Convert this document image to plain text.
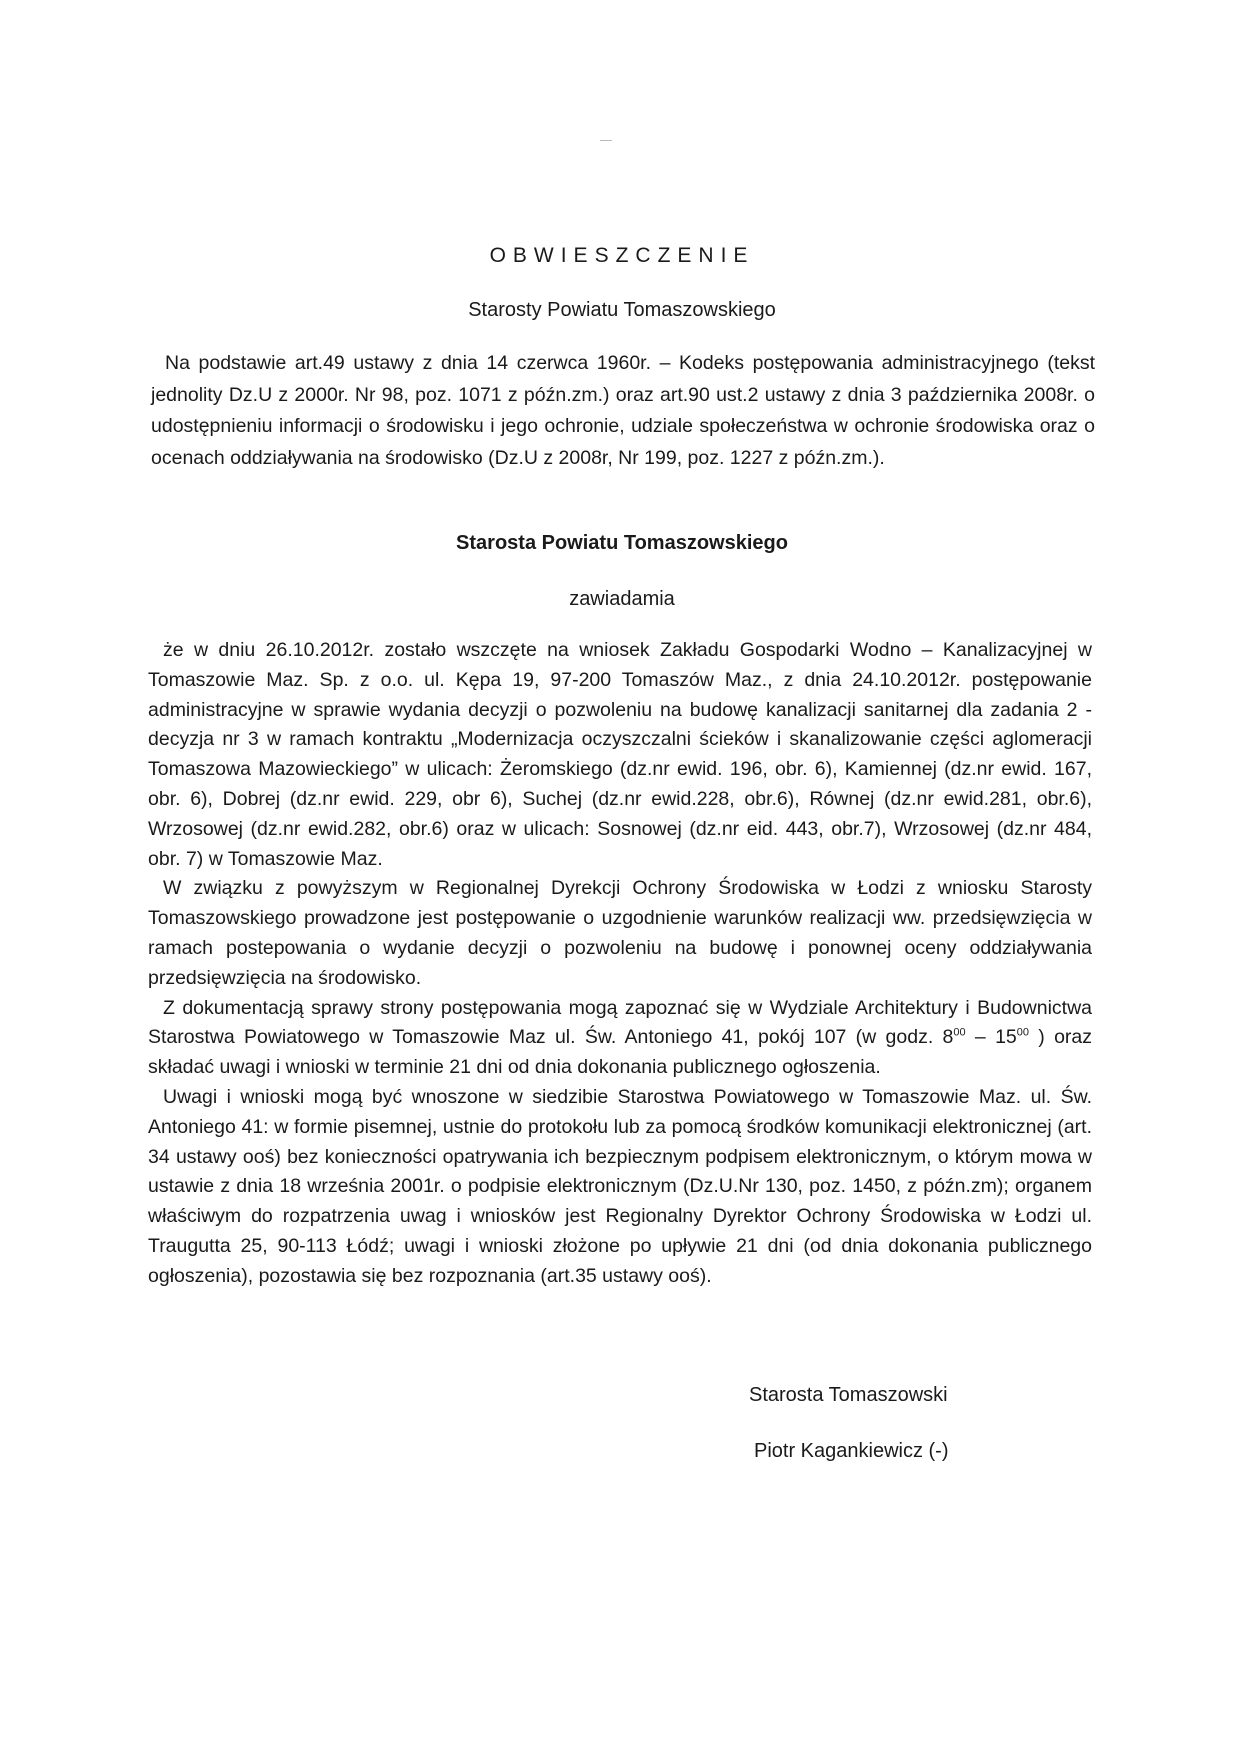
OBWIESZCZENIE
Starosty Powiatu Tomaszowskiego
Na podstawie art.49 ustawy z dnia 14 czerwca 1960r. – Kodeks postępowania administracyjnego (tekst jednolity Dz.U z 2000r. Nr 98, poz. 1071 z późn.zm.) oraz art.90 ust.2 ustawy z dnia 3 października 2008r. o udostępnieniu informacji o środowisku i jego ochronie, udziale społeczeństwa w ochronie środowiska oraz o ocenach oddziaływania na środowisko (Dz.U z 2008r, Nr 199, poz. 1227 z późn.zm.).
Starosta Powiatu Tomaszowskiego
zawiadamia

że w dniu 26.10.2012r. zostało wszczęte na wniosek Zakładu Gospodarki Wodno – Kanalizacyjnej w Tomaszowie Maz. Sp. z o.o. ul. Kępa 19, 97-200 Tomaszów Maz., z dnia 24.10.2012r. postępowanie administracyjne w sprawie wydania decyzji o pozwoleniu na budowę kanalizacji sanitarnej dla zadania 2 - decyzja nr 3 w ramach kontraktu „Modernizacja oczyszczalni ścieków i skanalizowanie części aglomeracji Tomaszowa Mazowieckiego” w ulicach: Żeromskiego (dz.nr ewid. 196, obr. 6), Kamiennej (dz.nr ewid. 167, obr. 6), Dobrej (dz.nr ewid. 229, obr 6), Suchej (dz.nr ewid.228, obr.6), Równej (dz.nr ewid.281, obr.6), Wrzosowej (dz.nr ewid.282, obr.6) oraz w ulicach: Sosnowej (dz.nr eid. 443, obr.7), Wrzosowej (dz.nr 484, obr. 7) w Tomaszowie Maz.

W związku z powyższym w Regionalnej Dyrekcji Ochrony Środowiska w Łodzi z wniosku Starosty Tomaszowskiego prowadzone jest postępowanie o uzgodnienie warunków realizacji ww. przedsięwzięcia w ramach postepowania o wydanie decyzji o pozwoleniu na budowę i ponownej oceny oddziaływania przedsięwzięcia na środowisko.

Z dokumentacją sprawy strony postępowania mogą zapoznać się w Wydziale Architektury i Budownictwa Starostwa Powiatowego w Tomaszowie Maz ul. Św. Antoniego 41, pokój 107 (w godz. $8^{00} - 15^{00}$ ) oraz składać uwagi i wnioski w terminie 21 dni od dnia dokonania publicznego ogłoszenia.

Uwagi i wnioski mogą być wnoszone w siedzibie Starostwa Powiatowego w Tomaszowie Maz. ul. Św. Antoniego 41: w formie pisemnej, ustnie do protokołu lub za pomocą środków komunikacji elektronicznej (art. 34 ustawy ooś) bez konieczności opatrywania ich bezpiecznym podpisem elektronicznym, o którym mowa w ustawie z dnia 18 września 2001r. o podpisie elektronicznym (Dz.U.Nr 130, poz. 1450, z późn.zm); organem właściwym do rozpatrzenia uwag i wniosków jest Regionalny Dyrektor Ochrony Środowiska w Łodzi ul. Traugutta 25, 90-113 Łódź; uwagi i wnioski złożone po upływie 21 dni (od dnia dokonania publicznego ogłoszenia), pozostawia się bez rozpoznania (art.35 ustawy ooś).

Starosta Tomaszowski
Piotr Kagankiewicz (-)
